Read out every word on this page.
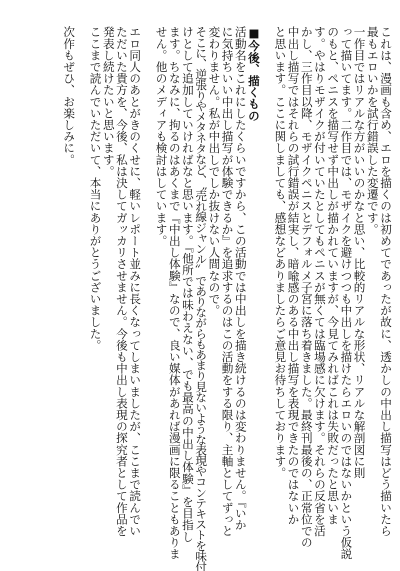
これは、漫画も含め、エロを描くのは初めてであったが故に、透かしの中出し描写はどう描いたら
最もエロいかを試行錯誤した変遷です。
一作目ではリアルな方がいいのかなと思い、比較的リアルな形状、リアルな解剖図に則
って描いてます。二作目では、モザイクを避けつつも中出しを描けたらエロいのではないかという仮説
のもと、ペニスを描写せず中出しが描かれていますが、今見てみればこれは失敗だったと思いま
す。やはりモザイクが付いていたとしてもペニスが無くては臨場感に欠けます。それらの反省を活
かし、三作目以降、モザイクペニスとデフォルメ子宮に落ち着きました。最終刊最後の、正常位での
中出し描写ではそれらの試行錯誤が結実し、暗喩感のある中出し描写を表現できたのではないか
と思います。ここに関しましても、感想などありましたらご意見お待ちしております。
■今後、描くもの
活動名をこれにしたくらいですから、この活動では中出しを描き続けるのは変わりません。『いか
に気持ちいい中出し描写が体験できるか』を追求するのはこの活動をする限り、主軸としてずっと
変わりません。私が中出しでしか抜けない人間なので。
そこに、逆張りやメタネタなど、〝売れ線ジャンル〟でありながらもあまり見ないような表現やコンテキストを味付
けとして追加していければなと思います。『他所では味わえない、でも最高の中出し体験』を目指し
ます。ちなみに、拘るのはあくまで『中出し体験』なので、良い媒体があれば漫画に限ることもありま
せん。他のメディアも検討はしています。
エロ同人のあとがきのくせに、軽いレポート並みに長くなってしまいましたが、ここまで読んでい
ただいた貴方を、今後、私は決してガッカリさせません。今後も中出し表現の探究者として作品を
発表し続けたいと思います。
ここまで読んでいただいて、本当にありがとうございました。
次作もぜひ、お楽しみに。
